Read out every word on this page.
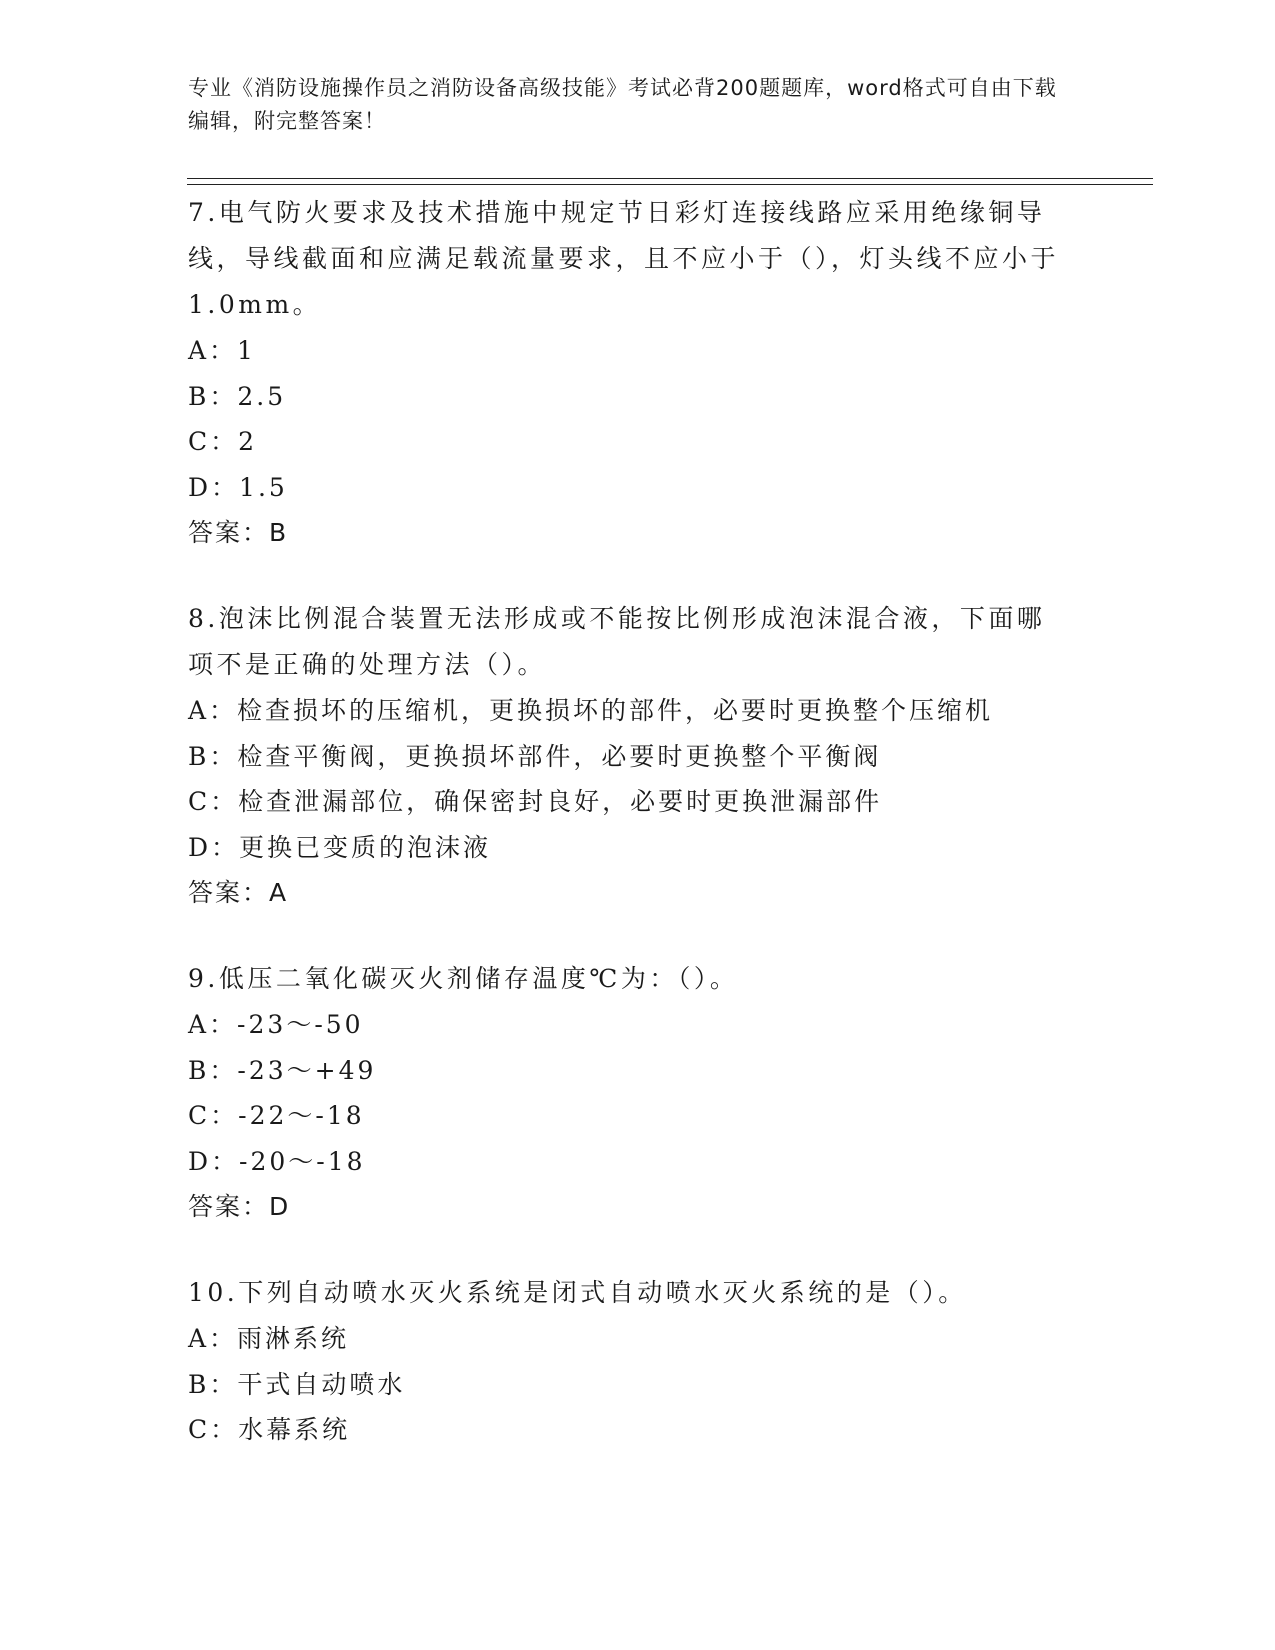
专业《消防设施操作员之消防设备高级技能》考试必背200题题库，word格式可自由下载编辑，附完整答案！
7.电气防火要求及技术措施中规定节日彩灯连接线路应采用绝缘铜导线，导线截面和应满足载流量要求，且不应小于（），灯头线不应小于1.0mm。
A：1
B：2.5
C：2
D：1.5
答案：B
8.泡沫比例混合装置无法形成或不能按比例形成泡沫混合液，下面哪项不是正确的处理方法（）。
A：检查损坏的压缩机，更换损坏的部件，必要时更换整个压缩机
B：检查平衡阀，更换损坏部件，必要时更换整个平衡阀
C：检查泄漏部位，确保密封良好，必要时更换泄漏部件
D：更换已变质的泡沫液
答案：A
9.低压二氧化碳灭火剂储存温度℃为：（）。
A：-23～-50
B：-23～+49
C：-22～-18
D：-20～-18
答案：D
10.下列自动喷水灭火系统是闭式自动喷水灭火系统的是（）。
A：雨淋系统
B：干式自动喷水
C：水幕系统
